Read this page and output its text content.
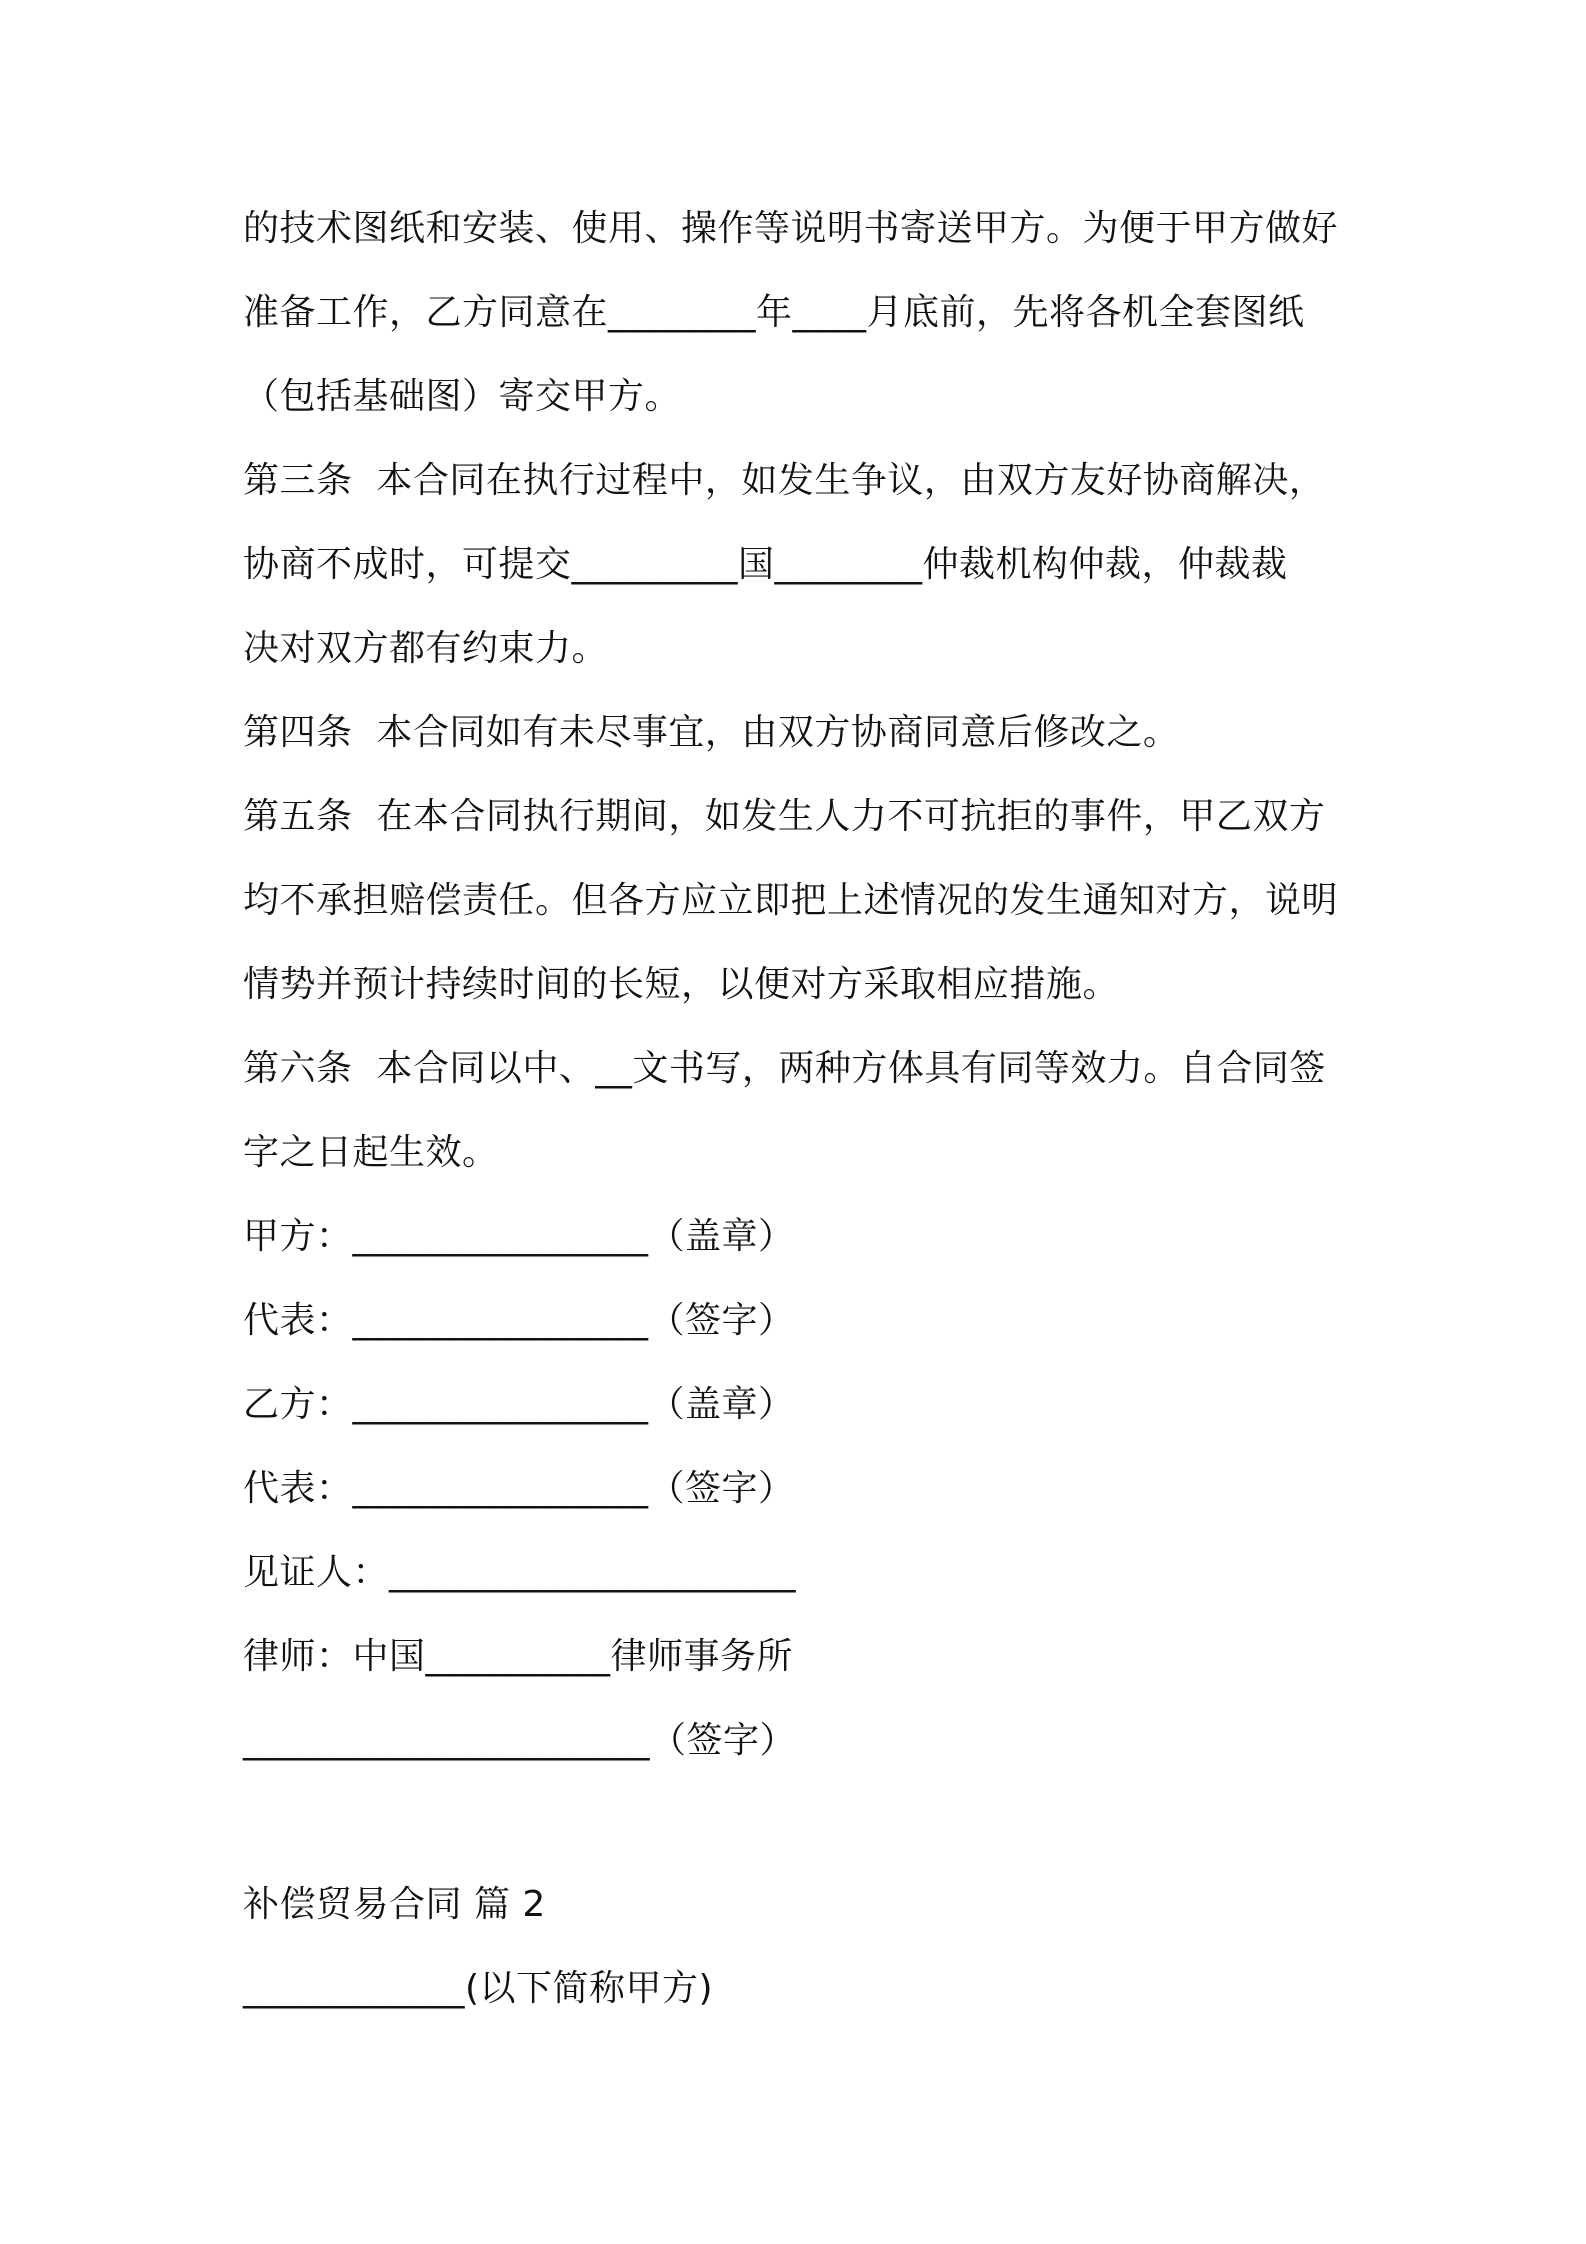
的技术图纸和安装、使用、操作等说明书寄送甲方。为便于甲方做好
准备工作，乙方同意在________年____月底前，先将各机全套图纸
（包括基础图）寄交甲方。
第三条  本合同在执行过程中，如发生争议，由双方友好协商解决，
协商不成时，可提交_________国________仲裁机构仲裁，仲裁裁
决对双方都有约束力。
第四条  本合同如有未尽事宜，由双方协商同意后修改之。
第五条  在本合同执行期间，如发生人力不可抗拒的事件，甲乙双方
均不承担赔偿责任。但各方应立即把上述情况的发生通知对方，说明
情势并预计持续时间的长短，以便对方采取相应措施。
第六条  本合同以中、__文书写，两种方体具有同等效力。自合同签
字之日起生效。
甲方：________________（盖章）
代表：________________（签字）
乙方：________________（盖章）
代表：________________（签字）
见证人：______________________
律师：中国__________律师事务所
______________________（签字）
补偿贸易合同 篇 2
____________(以下简称甲方)
